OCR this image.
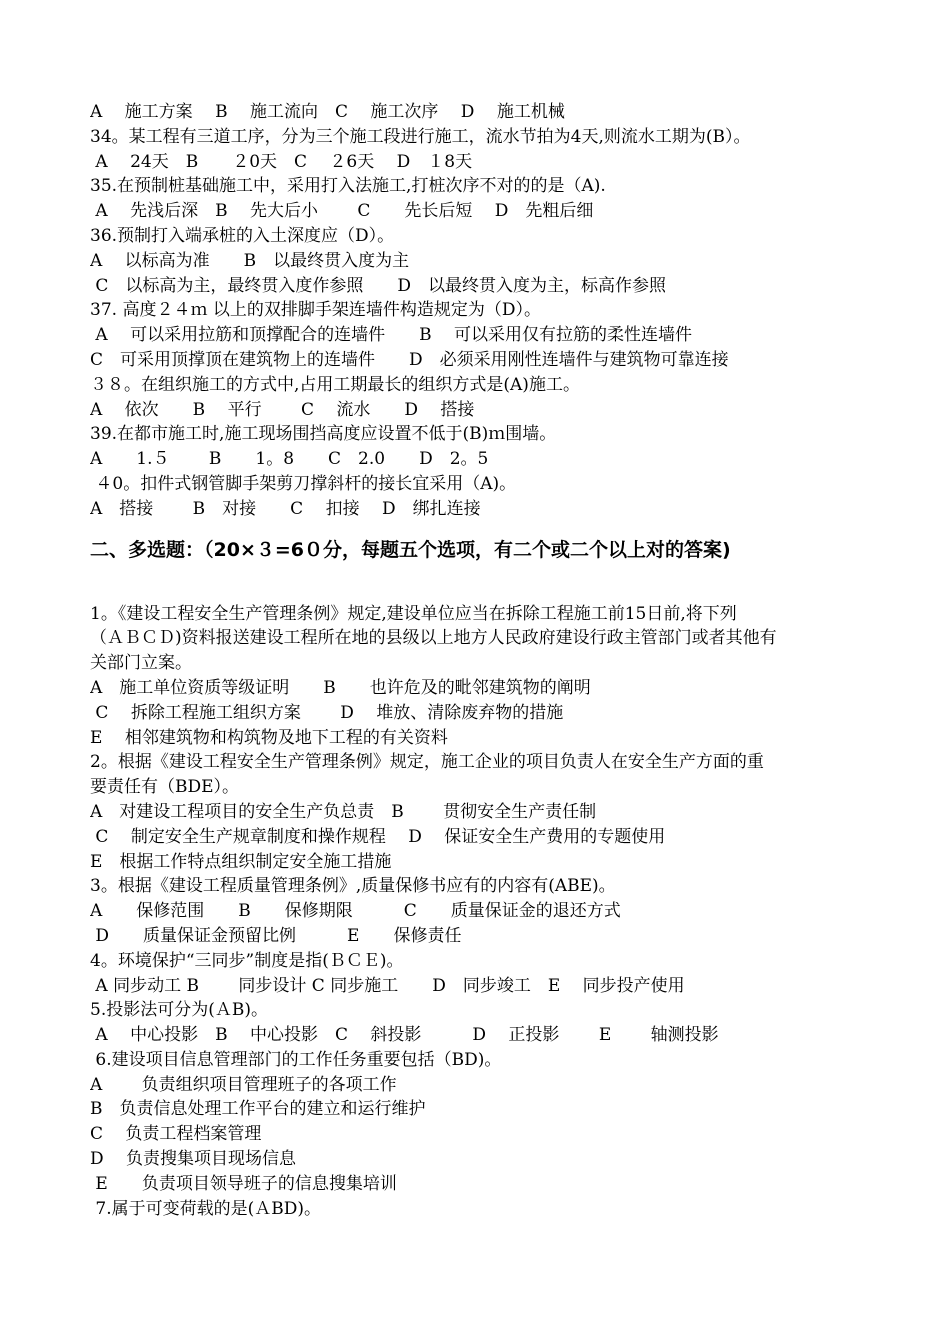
A　 施工方案　 B　 施工流向　C　 施工次序　 D　 施工机械
34。某工程有三道工序，分为三个施工段进行施工，流水节拍为4天,则流水工期为(B）。
A　 24天　B　　２0天　C　 ２6天　 D　１8天
35.在预制桩基础施工中，采用打入法施工,打桩次序不对的的是（A).
A　 先浅后深　B　 先大后小　　 C　　先长后短　 D　先粗后细
36.预制打入端承桩的入土深度应（D）。
A　 以标高为准　　B　以最终贯入度为主
C　以标高为主，最终贯入度作参照　　D　以最终贯入度为主，标高作参照
37. 高度２４ｍ 以上的双排脚手架连墙件构造规定为（D）。
A　 可以采用拉筋和顶撑配合的连墙件　　B　 可以采用仅有拉筋的柔性连墙件
C　可采用顶撑顶在建筑物上的连墙件　　D　必须采用刚性连墙件与建筑物可靠连接
３８。在组织施工的方式中,占用工期最长的组织方式是(A)施工。
A　 依次　　B　 平行　　 C　 流水　　D　 搭接
39.在都市施工时,施工现场围挡高度应设置不低于(B)ｍ围墙。
A　　1.５　　 B　　1。8　　C　2.0　　D　2。5
４0。扣件式钢管脚手架剪刀撑斜杆的接长宜采用（A)。
A　搭接　　 B　对接　　C　 扣接　 D　绑扎连接
二、多选题：（20×３=6０分，每题五个选项，有二个或二个以上对的答案)
1。《建设工程安全生产管理条例》规定,建设单位应当在拆除工程施工前15日前,将下列
（ＡＢＣＤ)资料报送建设工程所在地的县级以上地方人民政府建设行政主管部门或者其他有
关部门立案。
A　施工单位资质等级证明　　B　　也许危及的毗邻建筑物的阐明
C　 拆除工程施工组织方案　　 D　 堆放、清除废弃物的措施
E　 相邻建筑物和构筑物及地下工程的有关资料
2。根据《建设工程安全生产管理条例》规定，施工企业的项目负责人在安全生产方面的重
要责任有（BDE）。
A　对建设工程项目的安全生产负总责　B　　 贯彻安全生产责任制
C　 制定安全生产规章制度和操作规程　 D　 保证安全生产费用的专题使用
E　根据工作特点组织制定安全施工措施
3。根据《建设工程质量管理条例》,质量保修书应有的内容有(ABE)。
A　　保修范围　　B　　保修期限　　　C　　质量保证金的退还方式
D　　质量保证金预留比例　　　E　　保修责任
4。环境保护“三同步”制度是指(ＢＣＥ)。
A 同步动工 B　　 同步设计 C 同步施工　　D　同步竣工　E　 同步投产使用
5.投影法可分为(ＡB)。
A　 中心投影　B　 中心投影　C　 斜投影　　　D　 正投影　　 E　　 轴测投影
6.建设项目信息管理部门的工作任务重要包括（BD)。
A　　 负责组织项目管理班子的各项工作
B　负责信息处理工作平台的建立和运行维护
C　 负责工程档案管理
D　 负责搜集项目现场信息
E　　负责项目领导班子的信息搜集培训
7.属于可变荷载的是(ＡBD)。
